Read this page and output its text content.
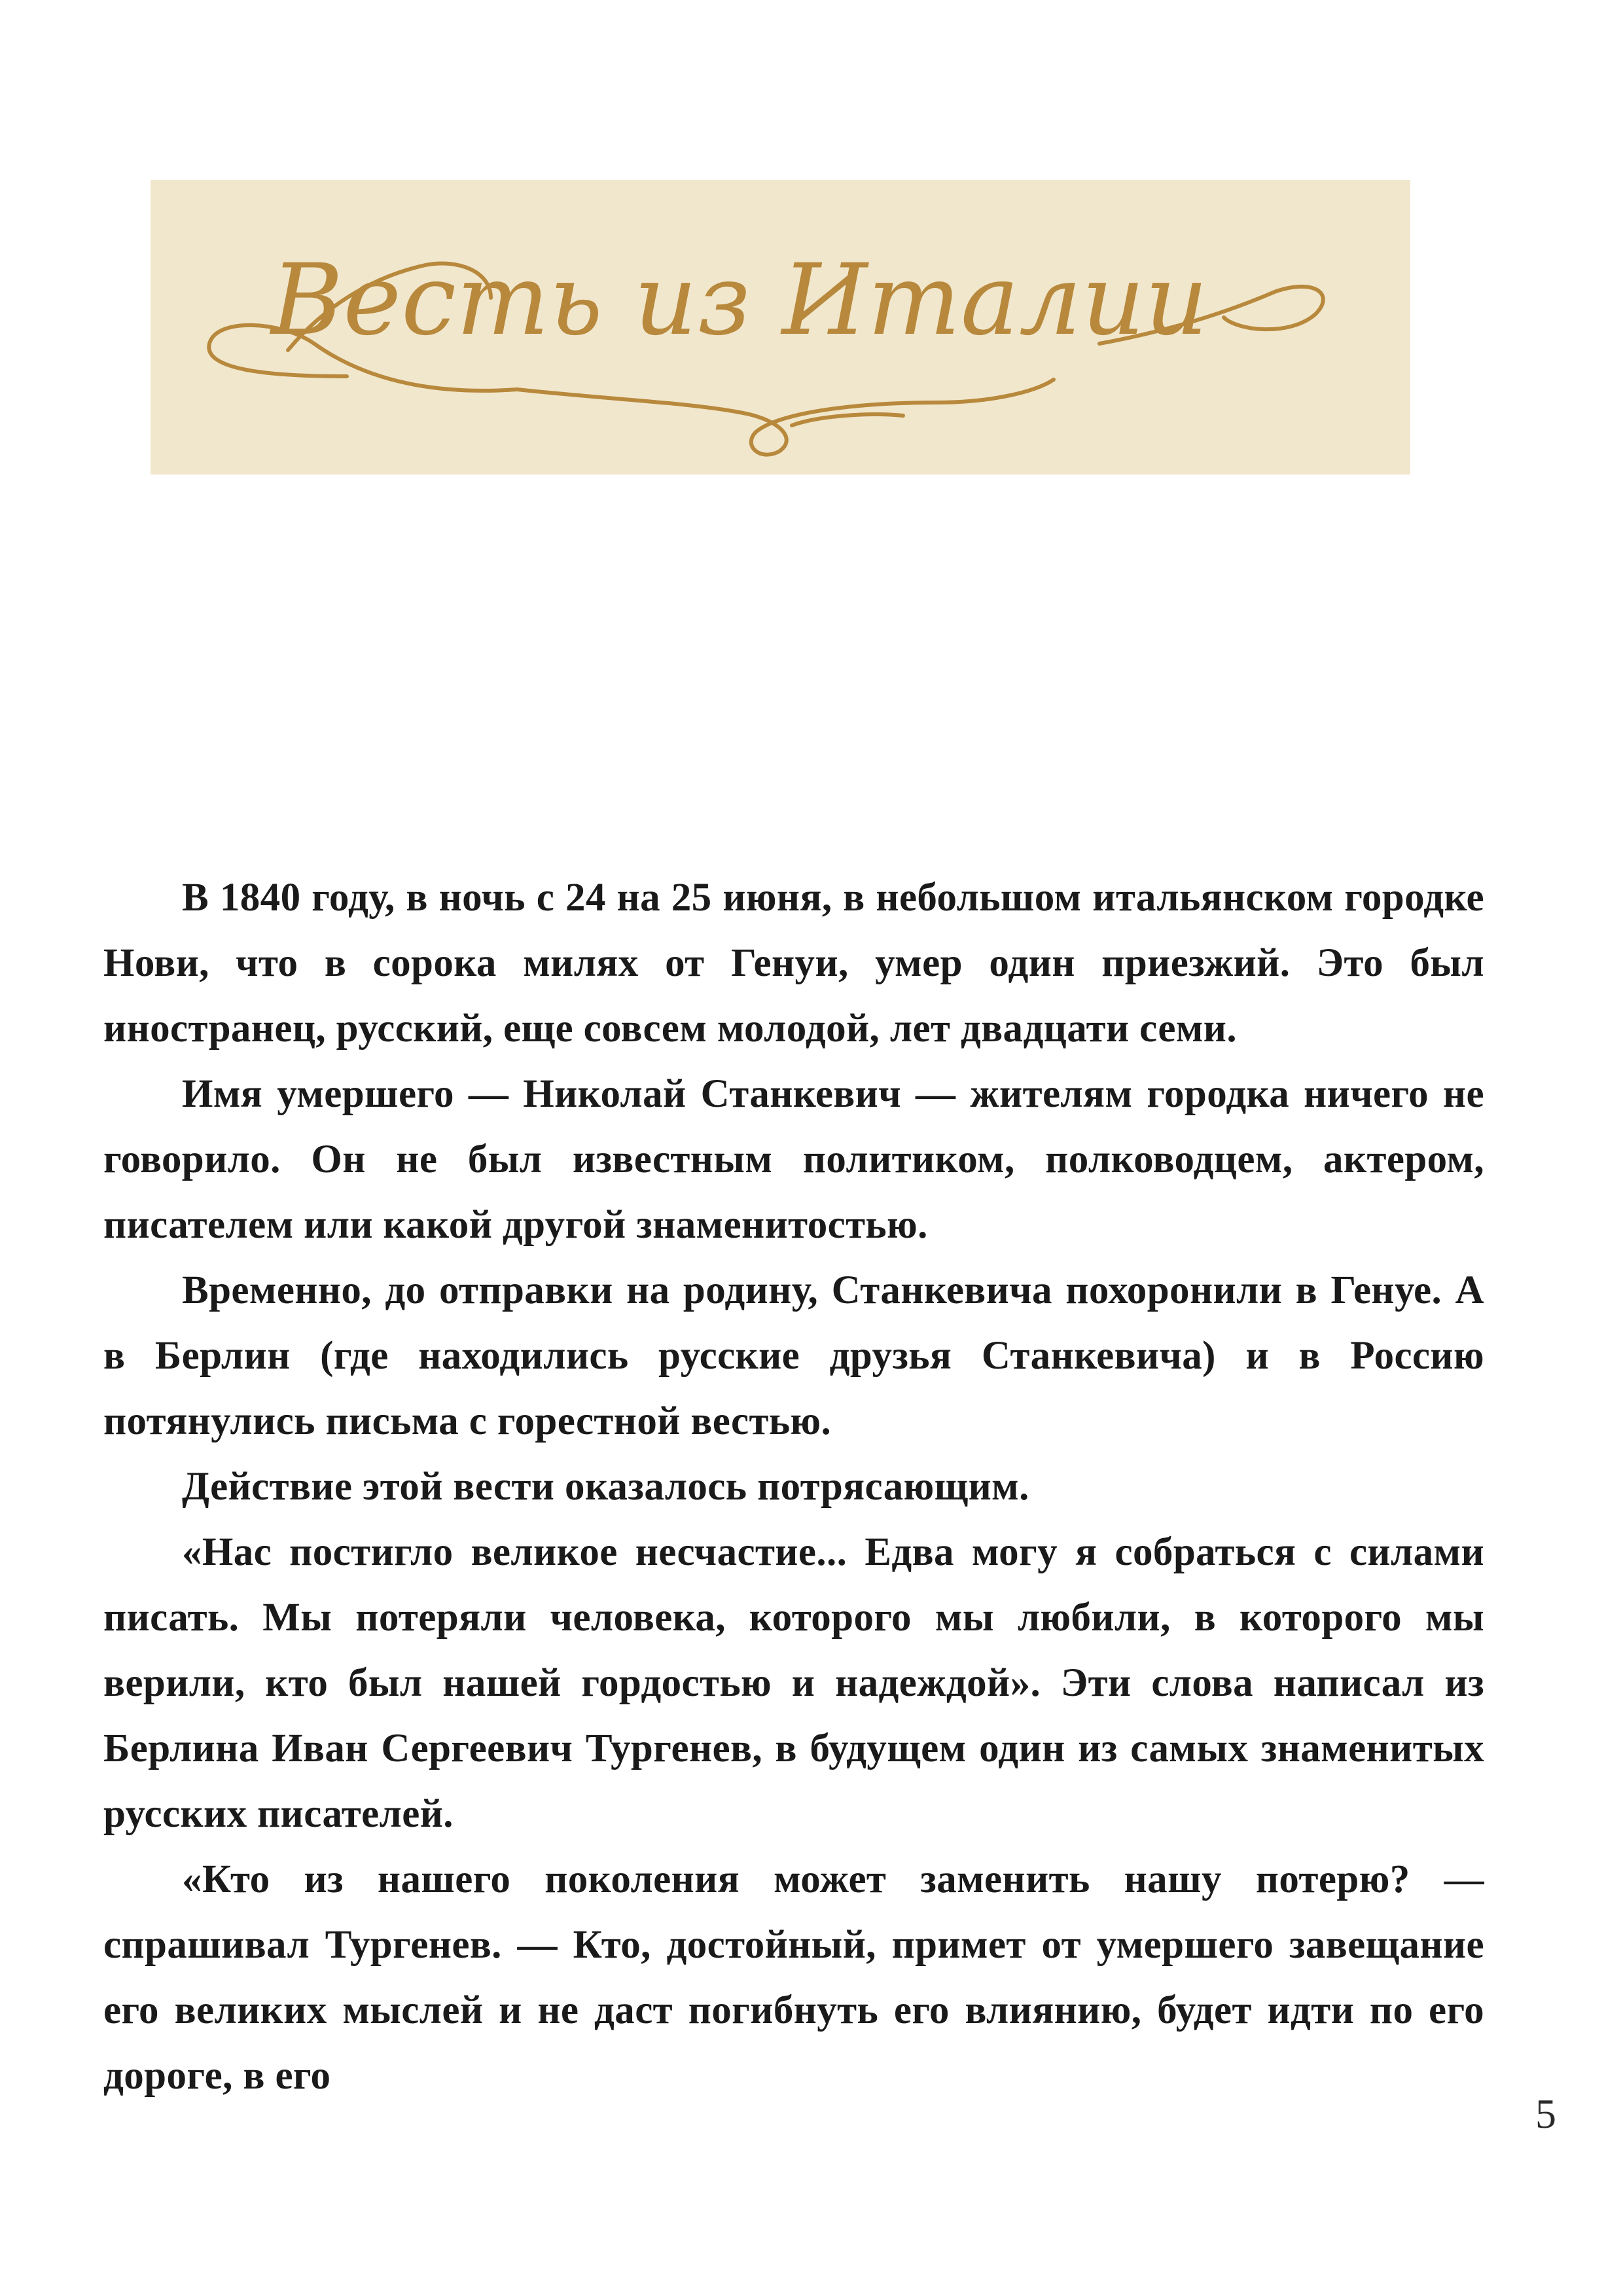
Весть из Италии

В 1840 году, в ночь с 24 на 25 июня, в небольшом итальянском городке Нови, что в сорока милях от Генуи, умер один приезжий. Это был иностранец, русский, еще совсем молодой, лет двадцати семи.

Имя умершего — Николай Станкевич — жителям городка ничего не говорило. Он не был известным политиком, полководцем, актером, писателем или какой другой знаменитостью.

Временно, до отправки на родину, Станкевича похоронили в Генуе. А в Берлин (где находились русские друзья Станкевича) и в Россию потянулись письма с горестной вестью.

Действие этой вести оказалось потрясающим.

«Нас постигло великое несчастие... Едва могу я собраться с силами писать. Мы потеряли человека, которого мы любили, в которого мы верили, кто был нашей гордостью и надеждой». Эти слова написал из Берлина Иван Сергеевич Тургенев, в будущем один из самых знаменитых русских писателей.

«Кто из нашего поколения может заменить нашу потерю? — спрашивал Тургенев. — Кто, достойный, примет от умершего завещание его великих мыслей и не даст погибнуть его влиянию, будет идти по его дороге, в его

5
